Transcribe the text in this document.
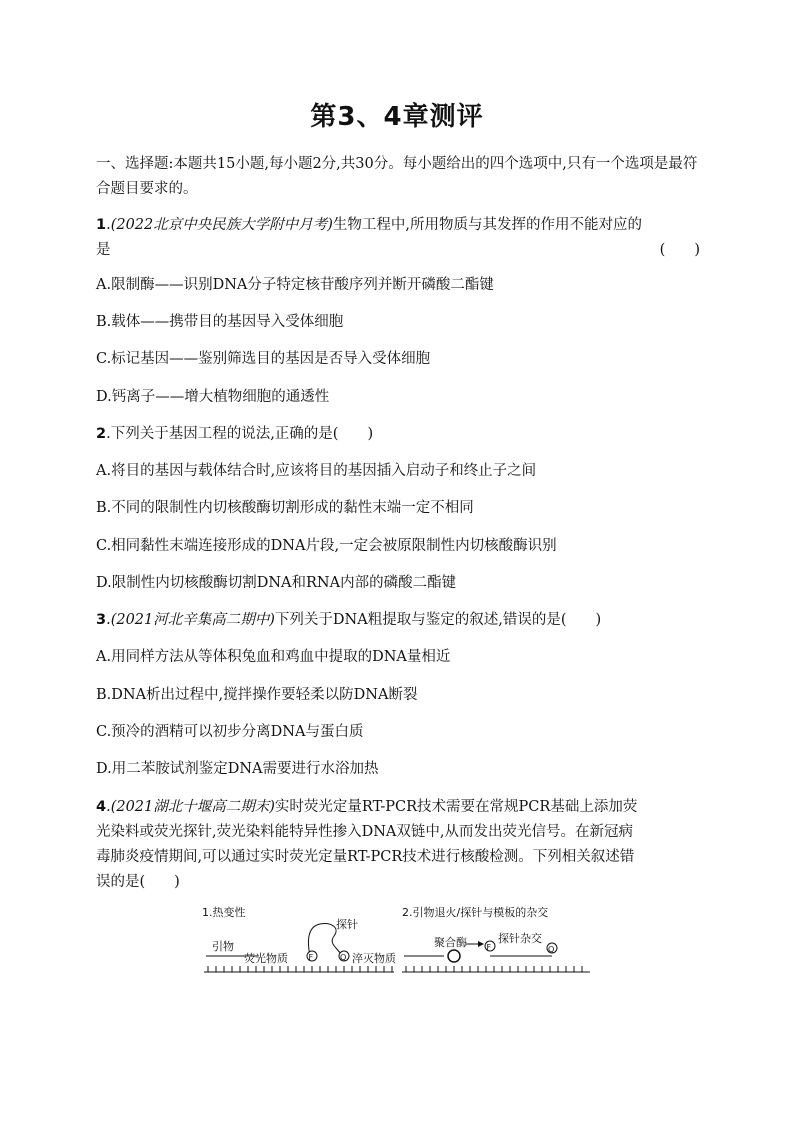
第3、4章测评
一、选择题:本题共15小题,每小题2分,共30分。每小题给出的四个选项中,只有一个选项是最符合题目要求的。
1.(2022北京中央民族大学附中月考)生物工程中,所用物质与其发挥的作用不能对应的
是	(　　)
A.限制酶——识别DNA分子特定核苷酸序列并断开磷酸二酯键
B.载体——携带目的基因导入受体细胞
C.标记基因——鉴别筛选目的基因是否导入受体细胞
D.钙离子——增大植物细胞的通透性
2.下列关于基因工程的说法,正确的是(　　)
A.将目的基因与载体结合时,应该将目的基因插入启动子和终止子之间
B.不同的限制性内切核酸酶切割形成的黏性末端一定不相同
C.相同黏性末端连接形成的DNA片段,一定会被原限制性内切核酸酶识别
D.限制性内切核酸酶切割DNA和RNA内部的磷酸二酯键
3.(2021河北辛集高二期中)下列关于DNA粗提取与鉴定的叙述,错误的是(　　)
A.用同样方法从等体积兔血和鸡血中提取的DNA量相近
B.DNA析出过程中,搅拌操作要轻柔以防DNA断裂
C.预冷的酒精可以初步分离DNA与蛋白质
D.用二苯胺试剂鉴定DNA需要进行水浴加热
4.(2021湖北十堰高二期末)实时荧光定量RT-PCR技术需要在常规PCR基础上添加荧
光染料或荧光探针,荧光染料能特异性掺入DNA双链中,从而发出荧光信号。在新冠病
毒肺炎疫情期间,可以通过实时荧光定量RT-PCR技术进行核酸检测。下列相关叙述错
误的是(　　)
1.热变性
引物
荧光物质
探针
F	Q 淬灭物质
2.引物退火/探针与模板的杂交
聚合酶 F
探针杂交
Q
